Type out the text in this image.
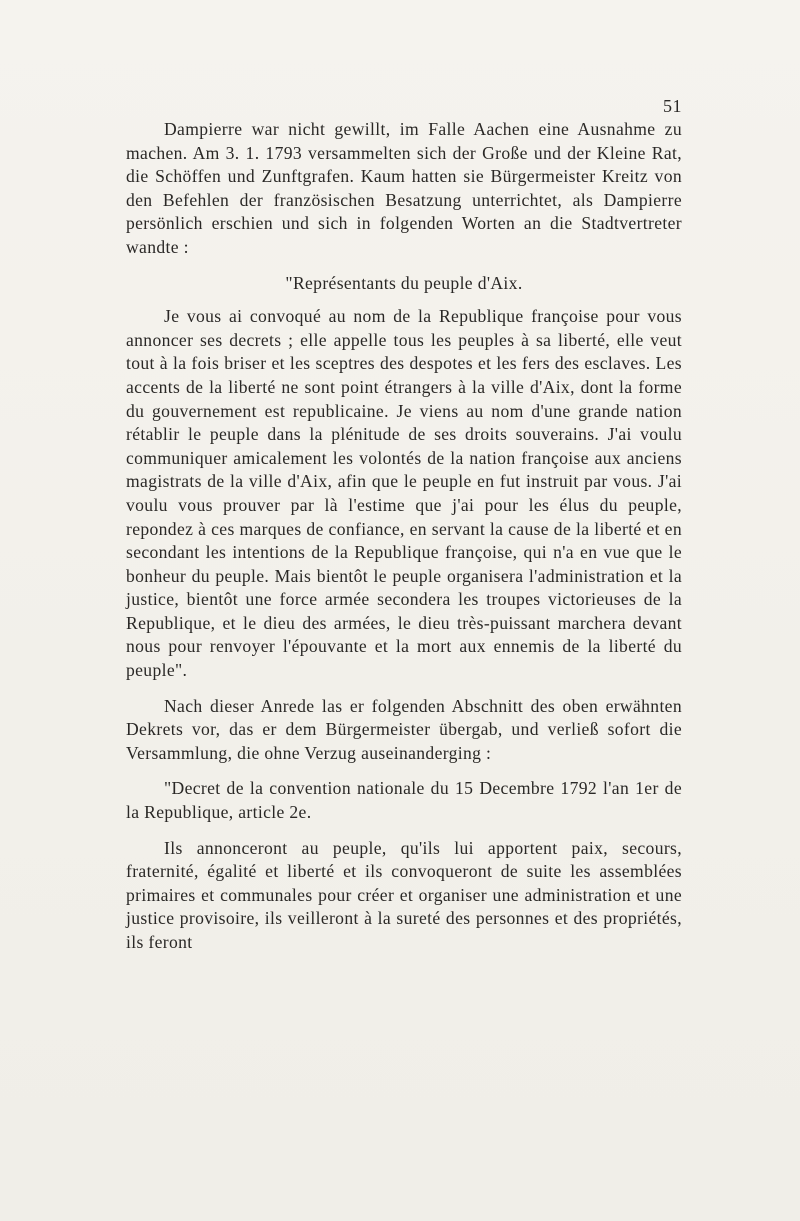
51

Dampierre war nicht gewillt, im Falle Aachen eine Ausnahme zu machen. Am 3. 1. 1793 versammelten sich der Große und der Kleine Rat, die Schöffen und Zunftgrafen. Kaum hatten sie Bürgermeister Kreitz von den Befehlen der französischen Besatzung unterrichtet, als Dampierre persönlich erschien und sich in folgenden Worten an die Stadtvertreter wandte :

"Représentants du peuple d'Aix.

Je vous ai convoqué au nom de la Republique françoise pour vous annoncer ses decrets ; elle appelle tous les peuples à sa liberté, elle veut tout à la fois briser et les sceptres des despotes et les fers des esclaves. Les accents de la liberté ne sont point étrangers à la ville d'Aix, dont la forme du gouvernement est republicaine. Je viens au nom d'une grande nation rétablir le peuple dans la plénitude de ses droits souverains. J'ai voulu communiquer amicalement les volontés de la nation françoise aux anciens magistrats de la ville d'Aix, afin que le peuple en fut instruit par vous. J'ai voulu vous prouver par là l'estime que j'ai pour les élus du peuple, repondez à ces marques de confiance, en servant la cause de la liberté et en secondant les intentions de la Republique françoise, qui n'a en vue que le bonheur du peuple. Mais bientôt le peuple organisera l'administration et la justice, bientôt une force armée secondera les troupes victorieuses de la Republique, et le dieu des armées, le dieu très-puissant marchera devant nous pour renvoyer l'épouvante et la mort aux ennemis de la liberté du peuple".

Nach dieser Anrede las er folgenden Abschnitt des oben erwähnten Dekrets vor, das er dem Bürgermeister übergab, und verließ sofort die Versammlung, die ohne Verzug auseinanderging :

"Decret de la convention nationale du 15 Decembre 1792 l'an 1er de la Republique, article 2e.

Ils annonceront au peuple, qu'ils lui apportent paix, secours, fraternité, égalité et liberté et ils convoqueront de suite les assemblées primaires et communales pour créer et organiser une administration et une justice provisoire, ils veilleront à la sureté des personnes et des propriétés, ils feront
